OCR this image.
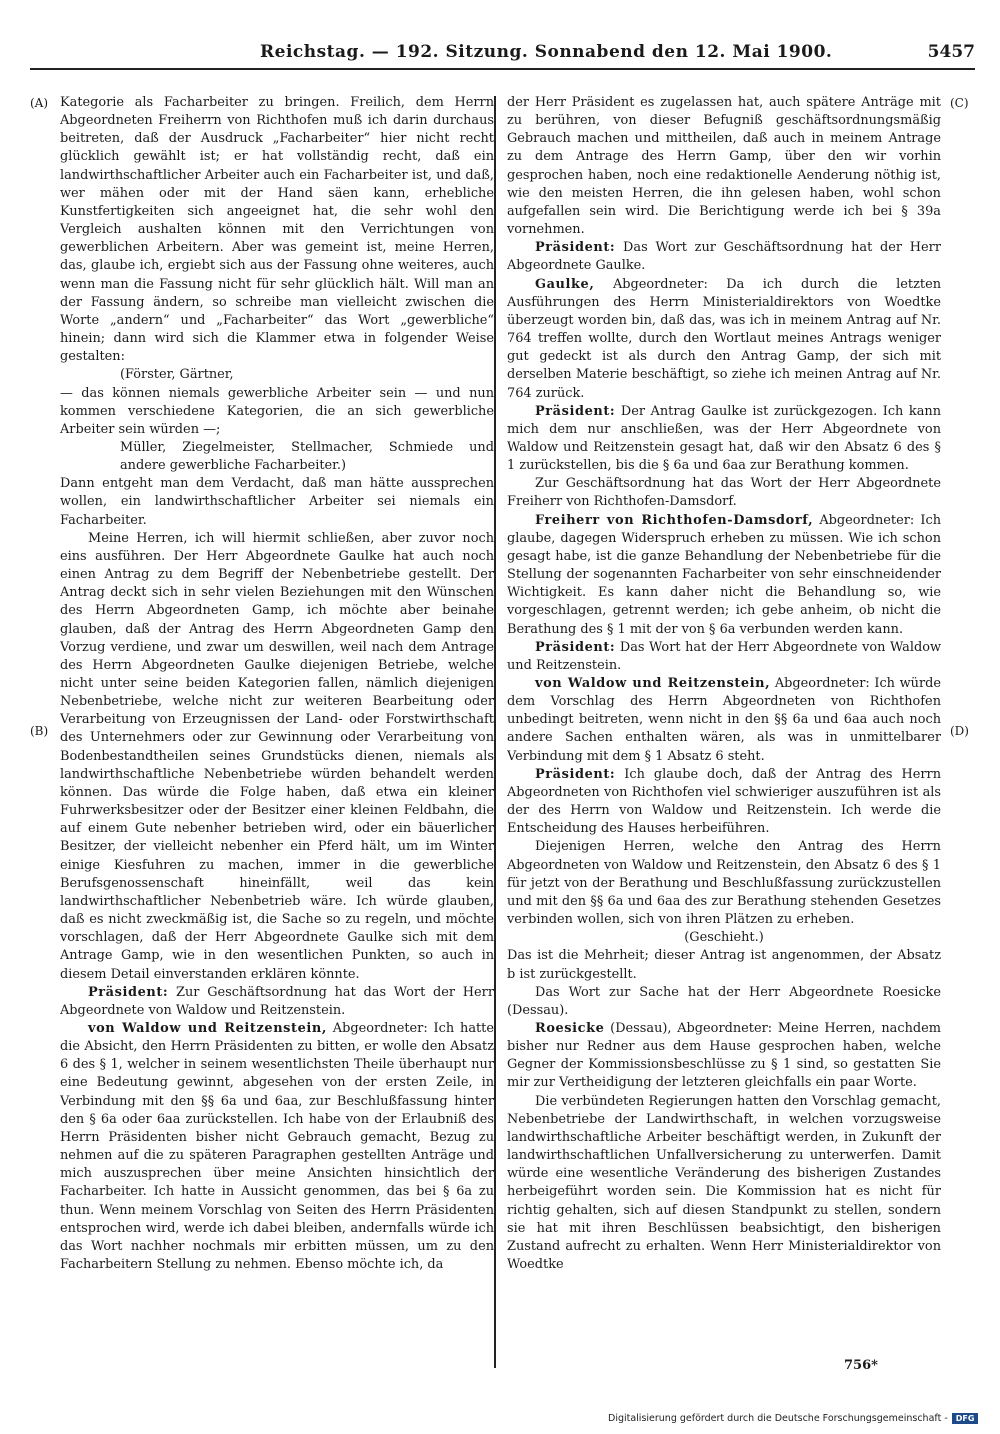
Reichstag. — 192. Sitzung. Sonnabend den 12. Mai 1900.	5457
(A)
(B)
(C)
(D)

Kategorie als Facharbeiter zu bringen. Freilich, dem Herrn Abgeordneten Freiherrn von Richthofen muß ich darin durchaus beitreten, daß der Ausdruck „Facharbeiter“ hier nicht recht glücklich gewählt ist; er hat vollständig recht, daß ein landwirthschaftlicher Arbeiter auch ein Facharbeiter ist, und daß, wer mähen oder mit der Hand säen kann, erhebliche Kunstfertigkeiten sich angeeignet hat, die sehr wohl den Vergleich aushalten können mit den Verrichtungen von gewerblichen Arbeitern. Aber was gemeint ist, meine Herren, das, glaube ich, ergiebt sich aus der Fassung ohne weiteres, auch wenn man die Fassung nicht für sehr glücklich hält. Will man an der Fassung ändern, so schreibe man vielleicht zwischen die Worte „andern“ und „Facharbeiter“ das Wort „gewerbliche“ hinein; dann wird sich die Klammer etwa in folgender Weise gestalten:

(Förster, Gärtner,

— das können niemals gewerbliche Arbeiter sein — und nun kommen verschiedene Kategorien, die an sich gewerbliche Arbeiter sein würden —;

Müller, Ziegelmeister, Stellmacher, Schmiede und andere gewerbliche Facharbeiter.)

Dann entgeht man dem Verdacht, daß man hätte aussprechen wollen, ein landwirthschaftlicher Arbeiter sei niemals ein Facharbeiter.

Meine Herren, ich will hiermit schließen, aber zuvor noch eins ausführen. Der Herr Abgeordnete Gaulke hat auch noch einen Antrag zu dem Begriff der Nebenbetriebe gestellt. Der Antrag deckt sich in sehr vielen Beziehungen mit den Wünschen des Herrn Abgeordneten Gamp, ich möchte aber beinahe glauben, daß der Antrag des Herrn Abgeordneten Gamp den Vorzug verdiene, und zwar um deswillen, weil nach dem Antrage des Herrn Abgeordneten Gaulke diejenigen Betriebe, welche nicht unter seine beiden Kategorien fallen, nämlich diejenigen Nebenbetriebe, welche nicht zur weiteren Bearbeitung oder Verarbeitung von Erzeugnissen der Land- oder Forstwirthschaft des Unternehmers oder zur Gewinnung oder Verarbeitung von Bodenbestandtheilen seines Grundstücks dienen, niemals als landwirthschaftliche Nebenbetriebe würden behandelt werden können. Das würde die Folge haben, daß etwa ein kleiner Fuhrwerksbesitzer oder der Besitzer einer kleinen Feldbahn, die auf einem Gute nebenher betrieben wird, oder ein bäuerlicher Besitzer, der vielleicht nebenher ein Pferd hält, um im Winter einige Kiesfuhren zu machen, immer in die gewerbliche Berufsgenossenschaft hineinfällt, weil das kein landwirthschaftlicher Nebenbetrieb wäre. Ich würde glauben, daß es nicht zweckmäßig ist, die Sache so zu regeln, und möchte vorschlagen, daß der Herr Abgeordnete Gaulke sich mit dem Antrage Gamp, wie in den wesentlichen Punkten, so auch in diesem Detail einverstanden erklären könnte.

Präsident: Zur Geschäftsordnung hat das Wort der Herr Abgeordnete von Waldow und Reitzenstein.

von Waldow und Reitzenstein, Abgeordneter: Ich hatte die Absicht, den Herrn Präsidenten zu bitten, er wolle den Absatz 6 des § 1, welcher in seinem wesentlichsten Theile überhaupt nur eine Bedeutung gewinnt, abgesehen von der ersten Zeile, in Verbindung mit den §§ 6a und 6aa, zur Beschlußfassung hinter den § 6a oder 6aa zurückstellen. Ich habe von der Erlaubniß des Herrn Präsidenten bisher nicht Gebrauch gemacht, Bezug zu nehmen auf die zu späteren Paragraphen gestellten Anträge und mich auszusprechen über meine Ansichten hinsichtlich der Facharbeiter. Ich hatte in Aussicht genommen, das bei § 6a zu thun. Wenn meinem Vorschlag von Seiten des Herrn Präsidenten entsprochen wird, werde ich dabei bleiben, andernfalls würde ich das Wort nachher nochmals mir erbitten müssen, um zu den Facharbeitern Stellung zu nehmen. Ebenso möchte ich, da

der Herr Präsident es zugelassen hat, auch spätere Anträge mit zu berühren, von dieser Befugniß geschäftsordnungsmäßig Gebrauch machen und mittheilen, daß auch in meinem Antrage zu dem Antrage des Herrn Gamp, über den wir vorhin gesprochen haben, noch eine redaktionelle Aenderung nöthig ist, wie den meisten Herren, die ihn gelesen haben, wohl schon aufgefallen sein wird. Die Berichtigung werde ich bei § 39a vornehmen.

Präsident: Das Wort zur Geschäftsordnung hat der Herr Abgeordnete Gaulke.

Gaulke, Abgeordneter: Da ich durch die letzten Ausführungen des Herrn Ministerialdirektors von Woedtke überzeugt worden bin, daß das, was ich in meinem Antrag auf Nr. 764 treffen wollte, durch den Wortlaut meines Antrags weniger gut gedeckt ist als durch den Antrag Gamp, der sich mit derselben Materie beschäftigt, so ziehe ich meinen Antrag auf Nr. 764 zurück.

Präsident: Der Antrag Gaulke ist zurückgezogen. Ich kann mich dem nur anschließen, was der Herr Abgeordnete von Waldow und Reitzenstein gesagt hat, daß wir den Absatz 6 des § 1 zurückstellen, bis die § 6a und 6aa zur Berathung kommen.

Zur Geschäftsordnung hat das Wort der Herr Abgeordnete Freiherr von Richthofen-Damsdorf.

Freiherr von Richthofen-Damsdorf, Abgeordneter: Ich glaube, dagegen Widerspruch erheben zu müssen. Wie ich schon gesagt habe, ist die ganze Behandlung der Nebenbetriebe für die Stellung der sogenannten Facharbeiter von sehr einschneidender Wichtigkeit. Es kann daher nicht die Behandlung so, wie vorgeschlagen, getrennt werden; ich gebe anheim, ob nicht die Berathung des § 1 mit der von § 6a verbunden werden kann.

Präsident: Das Wort hat der Herr Abgeordnete von Waldow und Reitzenstein.

von Waldow und Reitzenstein, Abgeordneter: Ich würde dem Vorschlag des Herrn Abgeordneten von Richthofen unbedingt beitreten, wenn nicht in den §§ 6a und 6aa auch noch andere Sachen enthalten wären, als was in unmittelbarer Verbindung mit dem § 1 Absatz 6 steht.

Präsident: Ich glaube doch, daß der Antrag des Herrn Abgeordneten von Richthofen viel schwieriger auszuführen ist als der des Herrn von Waldow und Reitzenstein. Ich werde die Entscheidung des Hauses herbeiführen.

Diejenigen Herren, welche den Antrag des Herrn Abgeordneten von Waldow und Reitzenstein, den Absatz 6 des § 1 für jetzt von der Berathung und Beschlußfassung zurückzustellen und mit den §§ 6a und 6aa des zur Berathung stehenden Gesetzes verbinden wollen, sich von ihren Plätzen zu erheben.

(Geschieht.)

Das ist die Mehrheit; dieser Antrag ist angenommen, der Absatz b ist zurückgestellt.

Das Wort zur Sache hat der Herr Abgeordnete Roesicke (Dessau).

Roesicke (Dessau), Abgeordneter: Meine Herren, nachdem bisher nur Redner aus dem Hause gesprochen haben, welche Gegner der Kommissionsbeschlüsse zu § 1 sind, so gestatten Sie mir zur Vertheidigung der letzteren gleichfalls ein paar Worte.

Die verbündeten Regierungen hatten den Vorschlag gemacht, Nebenbetriebe der Landwirthschaft, in welchen vorzugsweise landwirthschaftliche Arbeiter beschäftigt werden, in Zukunft der landwirthschaftlichen Unfallversicherung zu unterwerfen. Damit würde eine wesentliche Veränderung des bisherigen Zustandes herbeigeführt worden sein. Die Kommission hat es nicht für richtig gehalten, sich auf diesen Standpunkt zu stellen, sondern sie hat mit ihren Beschlüssen beabsichtigt, den bisherigen Zustand aufrecht zu erhalten. Wenn Herr Ministerialdirektor von Woedtke

756*
Digitalisierung gefördert durch die Deutsche Forschungsgemeinschaft -	DFG
